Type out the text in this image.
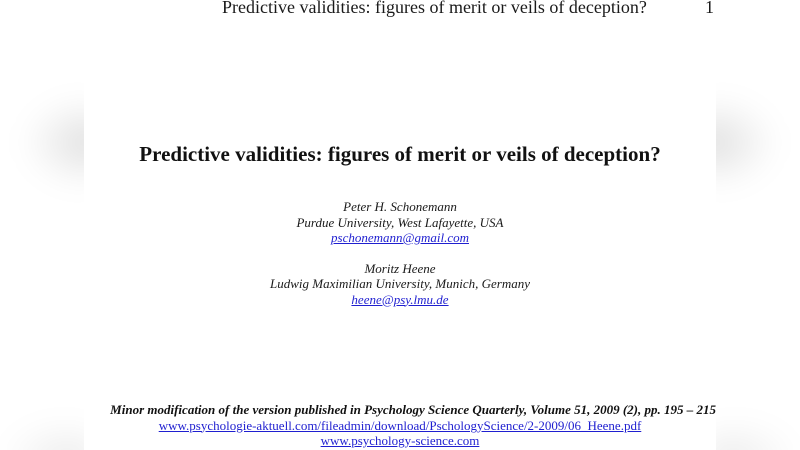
Predictive validities: figures of merit or veils of deception?	1
Predictive validities: figures of merit or veils of deception?
Peter H. Schonemann
Purdue University, West Lafayette, USA
pschonemann@gmail.com
Moritz Heene
Ludwig Maximilian University, Munich, Germany
heene@psy.lmu.de
Minor modification of the version published in Psychology Science Quarterly, Volume 51, 2009 (2), pp. 195 – 215
www.psychologie-aktuell.com/fileadmin/download/PschologyScience/2-2009/06_Heene.pdf
www.psychology-science.com
